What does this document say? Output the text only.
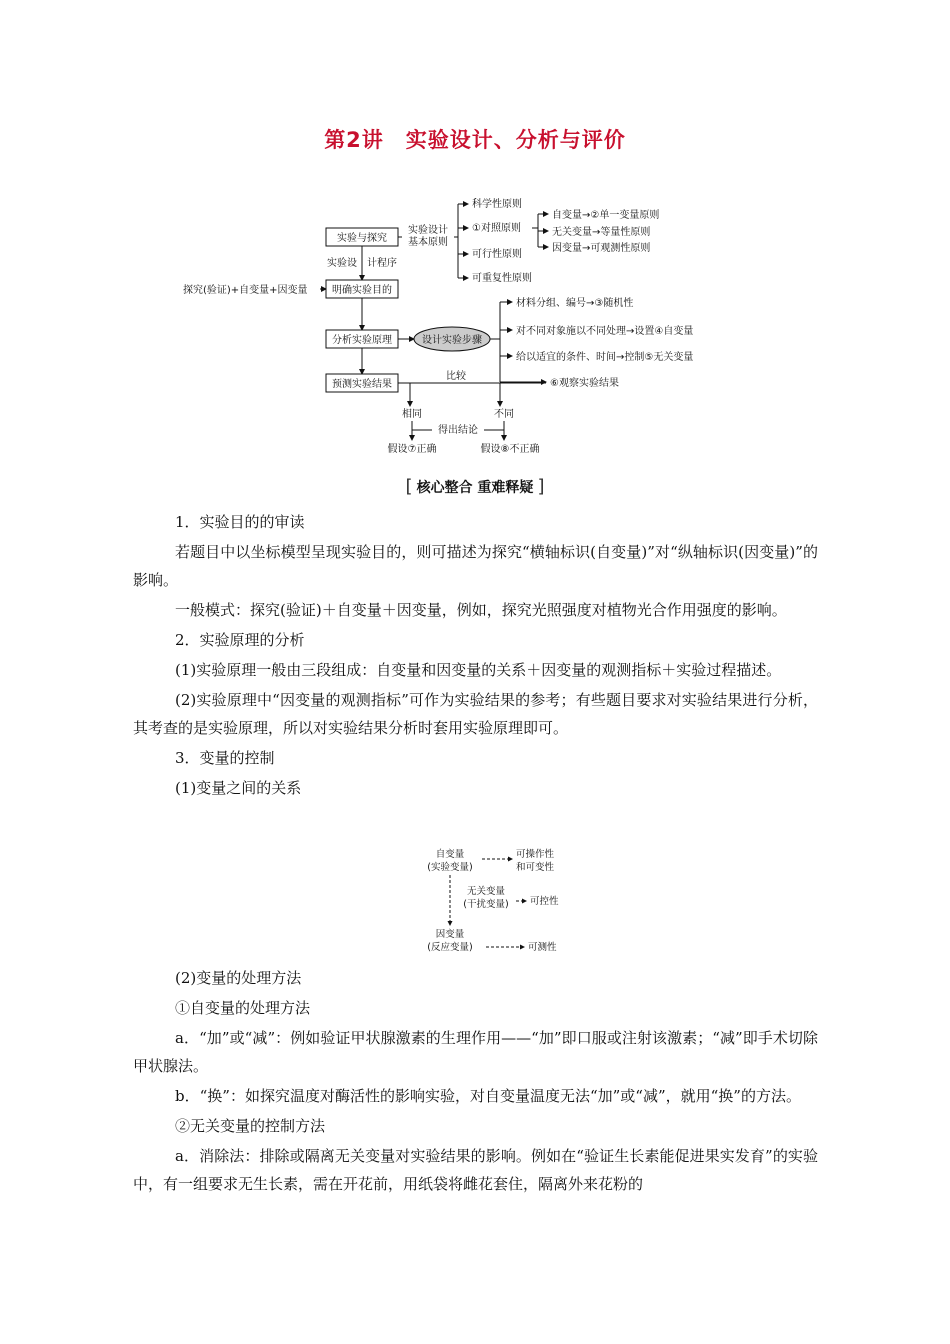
第2讲　实验设计、分析与评价
实验与探究
实验设计
基本原则
科学性原则
①对照原则
可行性原则
可重复性原则
自变量→②单一变量原则
无关变量→等量性原则
因变量→可观测性原则
实验设 计程序
探究(验证)+自变量+因变量 明确实验目的
分析实验原理	设计实验步骤
材料分组、编号→③随机性
对不同对象施以不同处理→设置④自变量
给以适宜的条件、时间→控制⑤无关变量
⑥观察实验结果
预测实验结果
比较
相同	不同
得出结论
假设⑦正确	假设⑧不正确
[ 核心整合 重难释疑 ]

1．实验目的的审读

若题目中以坐标模型呈现实验目的，则可描述为探究“横轴标识(自变量)”对“纵轴标识(因变量)”的影响。

一般模式：探究(验证)＋自变量＋因变量，例如，探究光照强度对植物光合作用强度的影响。

2．实验原理的分析

(1)实验原理一般由三段组成：自变量和因变量的关系＋因变量的观测指标＋实验过程描述。

(2)实验原理中“因变量的观测指标”可作为实验结果的参考；有些题目要求对实验结果进行分析，其考查的是实验原理，所以对实验结果分析时套用实验原理即可。

3．变量的控制

(1)变量之间的关系

自变量
(实验变量)
可操作性
和可变性
无关变量
(干扰变量) 可控性
因变量
(反应变量)	可测性

(2)变量的处理方法

①自变量的处理方法

a．“加”或“减”：例如验证甲状腺激素的生理作用——“加”即口服或注射该激素；“减”即手术切除甲状腺法。

b．“换”：如探究温度对酶活性的影响实验，对自变量温度无法“加”或“减”，就用“换”的方法。

②无关变量的控制方法

a．消除法：排除或隔离无关变量对实验结果的影响。例如在“验证生长素能促进果实发育”的实验中，有一组要求无生长素，需在开花前，用纸袋将雌花套住，隔离外来花粉的
